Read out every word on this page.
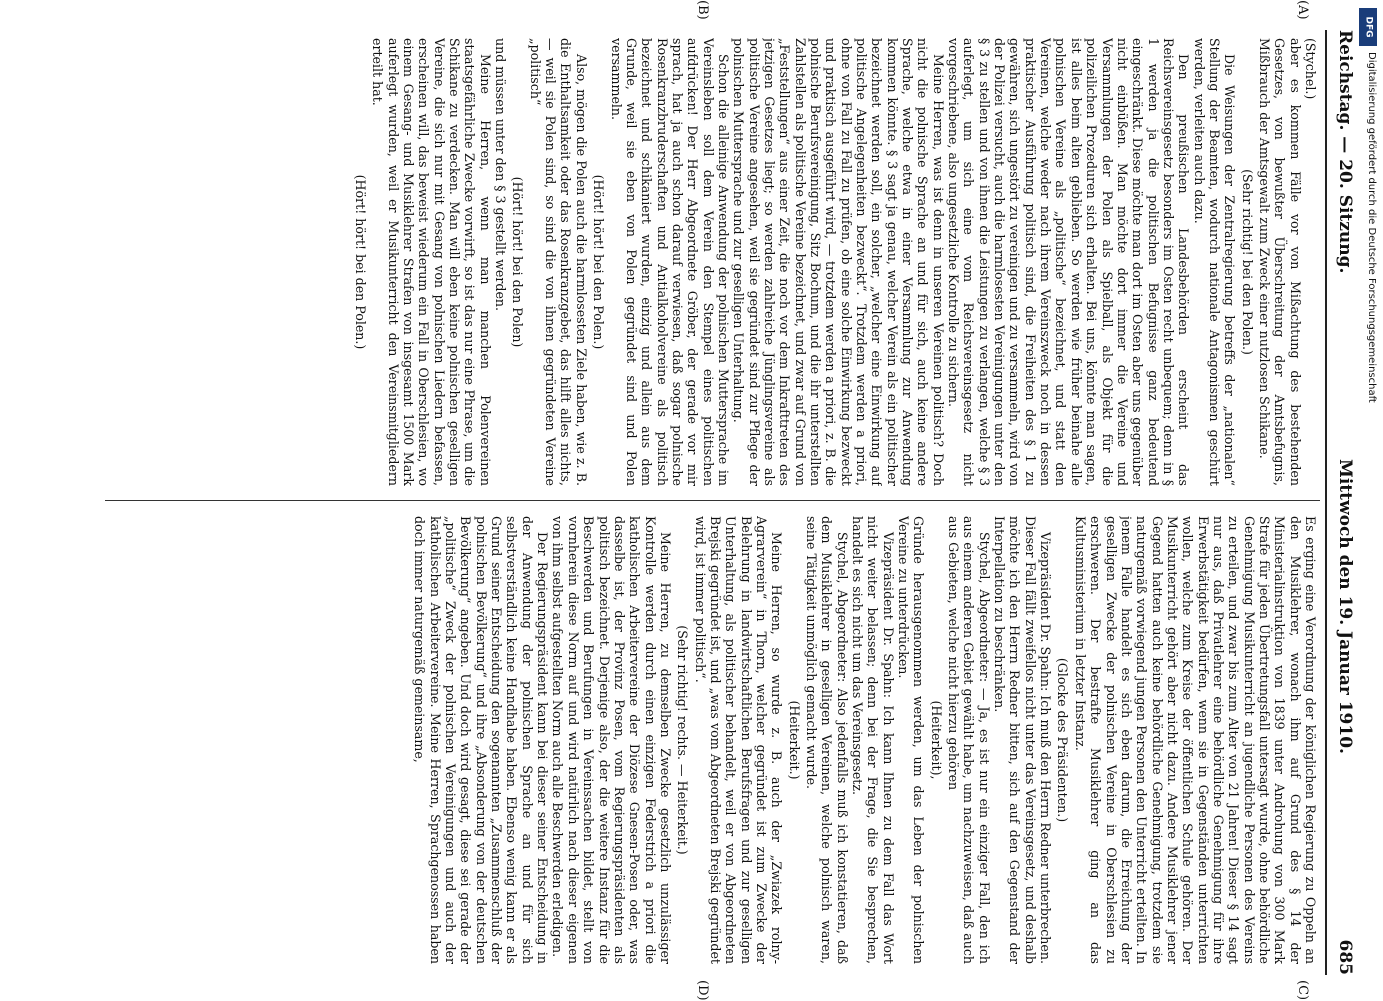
Reichstag. — 20. Sitzung.
Mittwoch den 19. Januar 1910.
685
(A)
(B)
(C)
(D)

(Stychel.)

aber es kommen Fälle vor von Mißachtung des bestehenden Gesetzes, von bewußter Überschreitung der Amtsbefugnis, Mißbrauch der Amtsgewalt zum Zweck einer nutzlosen Schikane.

(Sehr richtig! bei den Polen.)

Die Weisungen der Zentralregierung betreffs der „nationalen“ Stellung der Beamten, wodurch nationale Antagonismen geschürt werden, verleiten auch dazu.

Den preußischen Landesbehörden erscheint das Reichsvereinsgesetz besonders im Osten recht unbequem; denn in § 1 werden ja die politischen Befugnisse ganz bedeutend eingeschränkt. Diese möchte man dort im Osten aber uns gegenüber nicht einbüßen. Man möchte dort immer die Vereine und Versammlungen der Polen als Spielball, als Objekt für die polizeilichen Prozeduren sich erhalten. Bei uns, könnte man sagen, ist alles beim alten geblieben. So werden wie früher beinahe alle polnischen Vereine als „politische“ bezeichnet, und statt den Vereinen, welche weder nach ihrem Vereinszweck noch in dessen praktischer Ausführung politisch sind, die Freiheiten des § 1 zu gewähren, sich ungestört zu vereinigen und zu versammeln, wird von der Polizei versucht, auch die harmlosesten Vereinigungen unter den § 3 zu stellen und von ihnen die Leistungen zu verlangen, welche § 3 auferlegt, um sich eine vom Reichsvereinsgesetz nicht vorgeschriebene, also ungesetzliche Kontrolle zu sichern.

Meine Herren, was ist denn in unseren Vereinen politisch? Doch nicht die polnische Sprache an und für sich, auch keine andere Sprache, welche etwa in einer Versammlung zur Anwendung kommen könnte. § 3 sagt ja genau, welcher Verein als ein politischer bezeichnet werden soll, ein solcher, „welcher eine Einwirkung auf politische Angelegenheiten bezweckt“. Trotzdem werden a priori, ohne von Fall zu Fall zu prüfen, ob eine solche Einwirkung bezweckt und praktisch ausgeführt wird, — trotzdem werden a priori, z. B. die polnische Berufsvereinigung, Sitz Bochum, und die ihr unterstellten Zahlstellen als politische Vereine bezeichnet, und zwar auf Grund von „Feststellungen“ aus einer Zeit, die noch vor dem Inkrafttreten des jetzigen Gesetzes liegt; so werden zahlreiche Jünglingsvereine als politische Vereine angesehen, weil sie gegründet sind zur Pflege der polnischen Muttersprache und zur geselligen Unterhaltung.

Schon die alleinige Anwendung der polnischen Muttersprache im Vereinsleben soll dem Verein den Stempel eines politischen aufdrücken! Der Herr Abgeordnete Gröber, der gerade vor mir sprach, hat ja auch schon darauf verwiesen, daß sogar polnische Rosenkranzbruderschaften und Antialkoholvereine als politisch bezeichnet und schikaniert wurden, einzig und allein aus dem Grunde, weil sie eben von Polen gegründet sind und Polen versammeln.

(Hört! hört! bei den Polen.)

Also, mögen die Polen auch die harmlosesten Ziele haben, wie z. B. die Enthaltsamkeit oder das Rosenkranzgebet, das hilft alles nichts, — weil sie Polen sind, so sind die von ihnen gegründeten Vereine „politisch“

(Hört! hört! bei den Polen)

und müssen unter den § 3 gestellt werden.

Meine Herren, wenn man manchen Polenvereinen staatsgefährliche Zwecke vorwirft, so ist das nur eine Phrase, um die Schikane zu verdecken. Man will eben keine polnischen geselligen Vereine, die sich nur mit Gesang von polnischen Liedern befassen, erscheinen will, das beweist wiederum ein Fall in Oberschlesien, wo einem Gesang- und Musiklehrer Strafen von insgesamt 1500 Mark auferlegt wurden, weil er Musikunterricht den Vereinsmitgliedern erteilt hat.

(Hört! hört! bei den Polen.)

Es erging eine Verordnung der königlichen Regierung zu Oppeln an den Musiklehrer, wonach ihm auf Grund des § 14 der Ministerialinstruktion von 1839 unter Androhung von 300 Mark Strafe für jeden Übertretungsfall untersagt wurde, ohne behördliche Genehmigung Musikunterricht an jugendliche Personen des Vereins zu erteilen, und zwar bis zum Alter von 21 Jahren! Dieser § 14 sagt nur aus, daß Privatlehrer eine behördliche Genehmigung für ihre Erwerbstätigkeit bedürfen, wenn sie in Gegenständen unterrichten wollen, welche zum Kreise der öffentlichen Schule gehören. Der Musikunterricht gehört aber nicht dazu. Andere Musiklehrer jener Gegend hatten auch keine behördliche Genehmigung, trotzdem sie naturgemäß vorwiegend jungen Personen den Unterricht erteilten. In jenem Falle handelt es sich eben darum, die Erreichung der geselligen Zwecke der polnischen Vereine in Oberschlesien zu erschweren. Der bestrafte Musiklehrer ging an das Kultusministerium in letzter Instanz.

(Glocke des Präsidenten.)

Vizepräsident Dr. Spahn: Ich muß den Herrn Redner unterbrechen. Dieser Fall fällt zweifellos nicht unter das Vereinsgesetz, und deshalb möchte ich den Herrn Redner bitten, sich auf den Gegenstand der Interpellation zu beschränken.

Stychel, Abgeordneter: — Ja, es ist nur ein einziger Fall, den ich aus einem anderen Gebiet gewählt habe, um nachzuweisen, daß auch aus Gebieten, welche nicht hierzu gehören

(Heiterkeit),

Gründe herausgenommen werden, um das Leben der polnischen Vereine zu unterdrücken.

Vizepräsident Dr. Spahn: Ich kann Ihnen zu dem Fall das Wort nicht weiter belassen; denn bei der Frage, die Sie besprechen, handelt es sich nicht um das Vereinsgesetz.

Stychel, Abgeordneter: Also jedenfalls muß ich konstatieren, daß dem Musiklehrer in geselligen Vereinen, welche polnisch waren, seine Tätigkeit unmöglich gemacht wurde.

(Heiterkeit.)

Meine Herren, so wurde z. B. auch der „Zwiazek rolny-Agrarverein“ in Thorn, welcher gegründet ist zum Zwecke der Belehrung in landwirtschaftlichen Berufsfragen und zur geselligen Unterhaltung, als politischer behandelt, weil er von Abgeordneten Brejski gegründet ist, und „was vom Abgeordneten Brejski gegründet wird, ist immer politisch“.

(Sehr richtig! rechts. — Heiterkeit.)

Meine Herren, zu demselben Zwecke gesetzlich unzulässiger Kontrolle werden durch einen einzigen Federstrich a priori die katholischen Arbeitervereine der Diözese Gnesen-Posen oder, was dasselbe ist, der Provinz Posen, vom Regierungspräsidenten als politisch bezeichnet. Derjenige also, der die weitere Instanz für die Beschwerden und Berufungen in Vereinssachen bildet, stellt von vornherein diese Norm auf und wird natürlich nach dieser eigenen von ihm selbst aufgestellten Norm auch alle Beschwerden erledigen.

Der Regierungspräsident kann bei dieser seiner Entscheidung in der Anwendung der polnischen Sprache an und für sich selbstverständlich keine Handhabe haben. Ebenso wenig kann er als Grund seiner Entscheidung den sogenannten „Zusammenschluß der polnischen Bevölkerung“ und ihre „Absonderung von der deutschen Bevölkerung“ angeben. Und doch wird gesagt, diese sei gerade der „politische“ Zweck der polnischen Vereinigungen und auch der katholischen Arbeitervereine. Meine Herren, Sprachgenossen haben doch immer naturgemäß gemeinsame,

DFG
Digitalisierung gefördert durch die Deutsche Forschungsgemeinschaft
